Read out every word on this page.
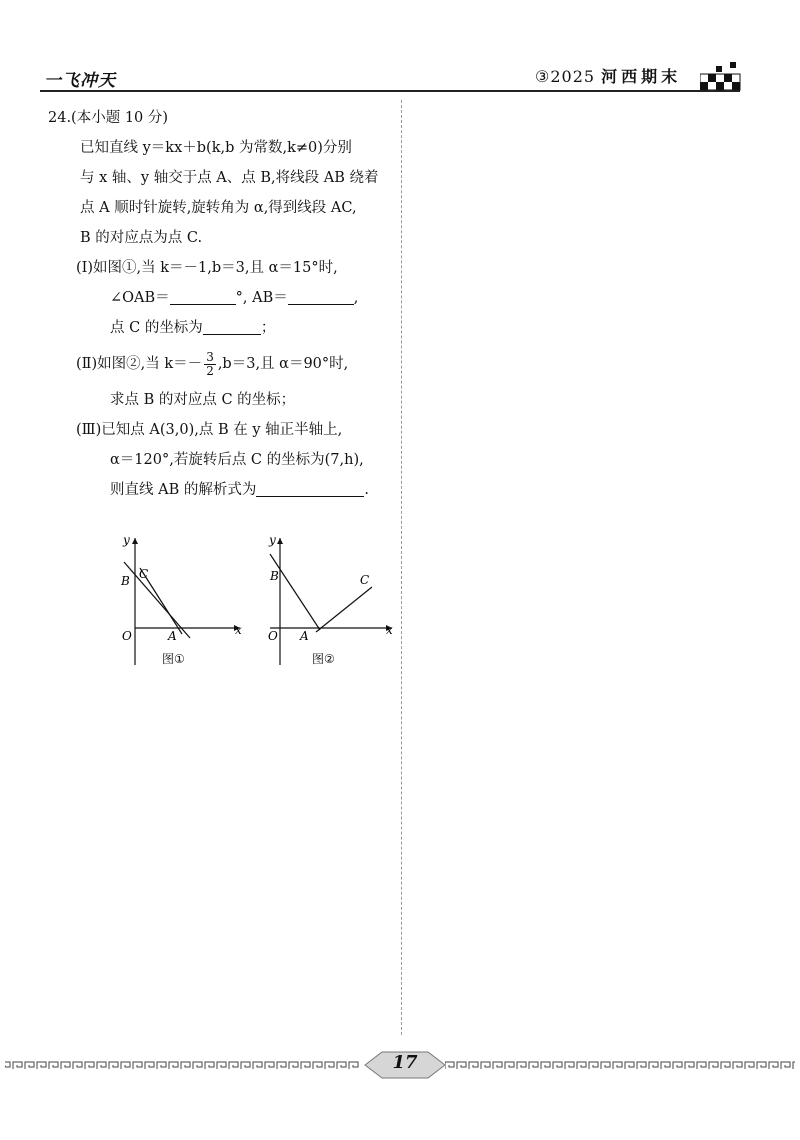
一飞冲天	③2025 河西期末

24.(本小题 10 分)

已知直线 y＝kx＋b(k,b 为常数,k≠0)分别

与 x 轴、y 轴交于点 A、点 B,将线段 AB 绕着

点 A 顺时针旋转,旋转角为 α,得到线段 AC,

B 的对应点为点 C.

(Ⅰ)如图①,当 k＝－1,b＝3,且 α＝15°时,

∠OAB＝	°, AB＝	,

点 C 的坐标为	；

(Ⅱ)如图②,当 $k=- \frac{3}{2} ,b=3$,且 α＝90°时,

求点 B 的对应点 C 的坐标；

(Ⅲ)已知点 A(3,0),点 B 在 y 轴正半轴上,

α＝120°,若旋转后点 C 的坐标为(7,h),

则直线 AB 的解析式为	.

B C
O	A	x
y
B	C
O A	x
y
图①	图②
17
